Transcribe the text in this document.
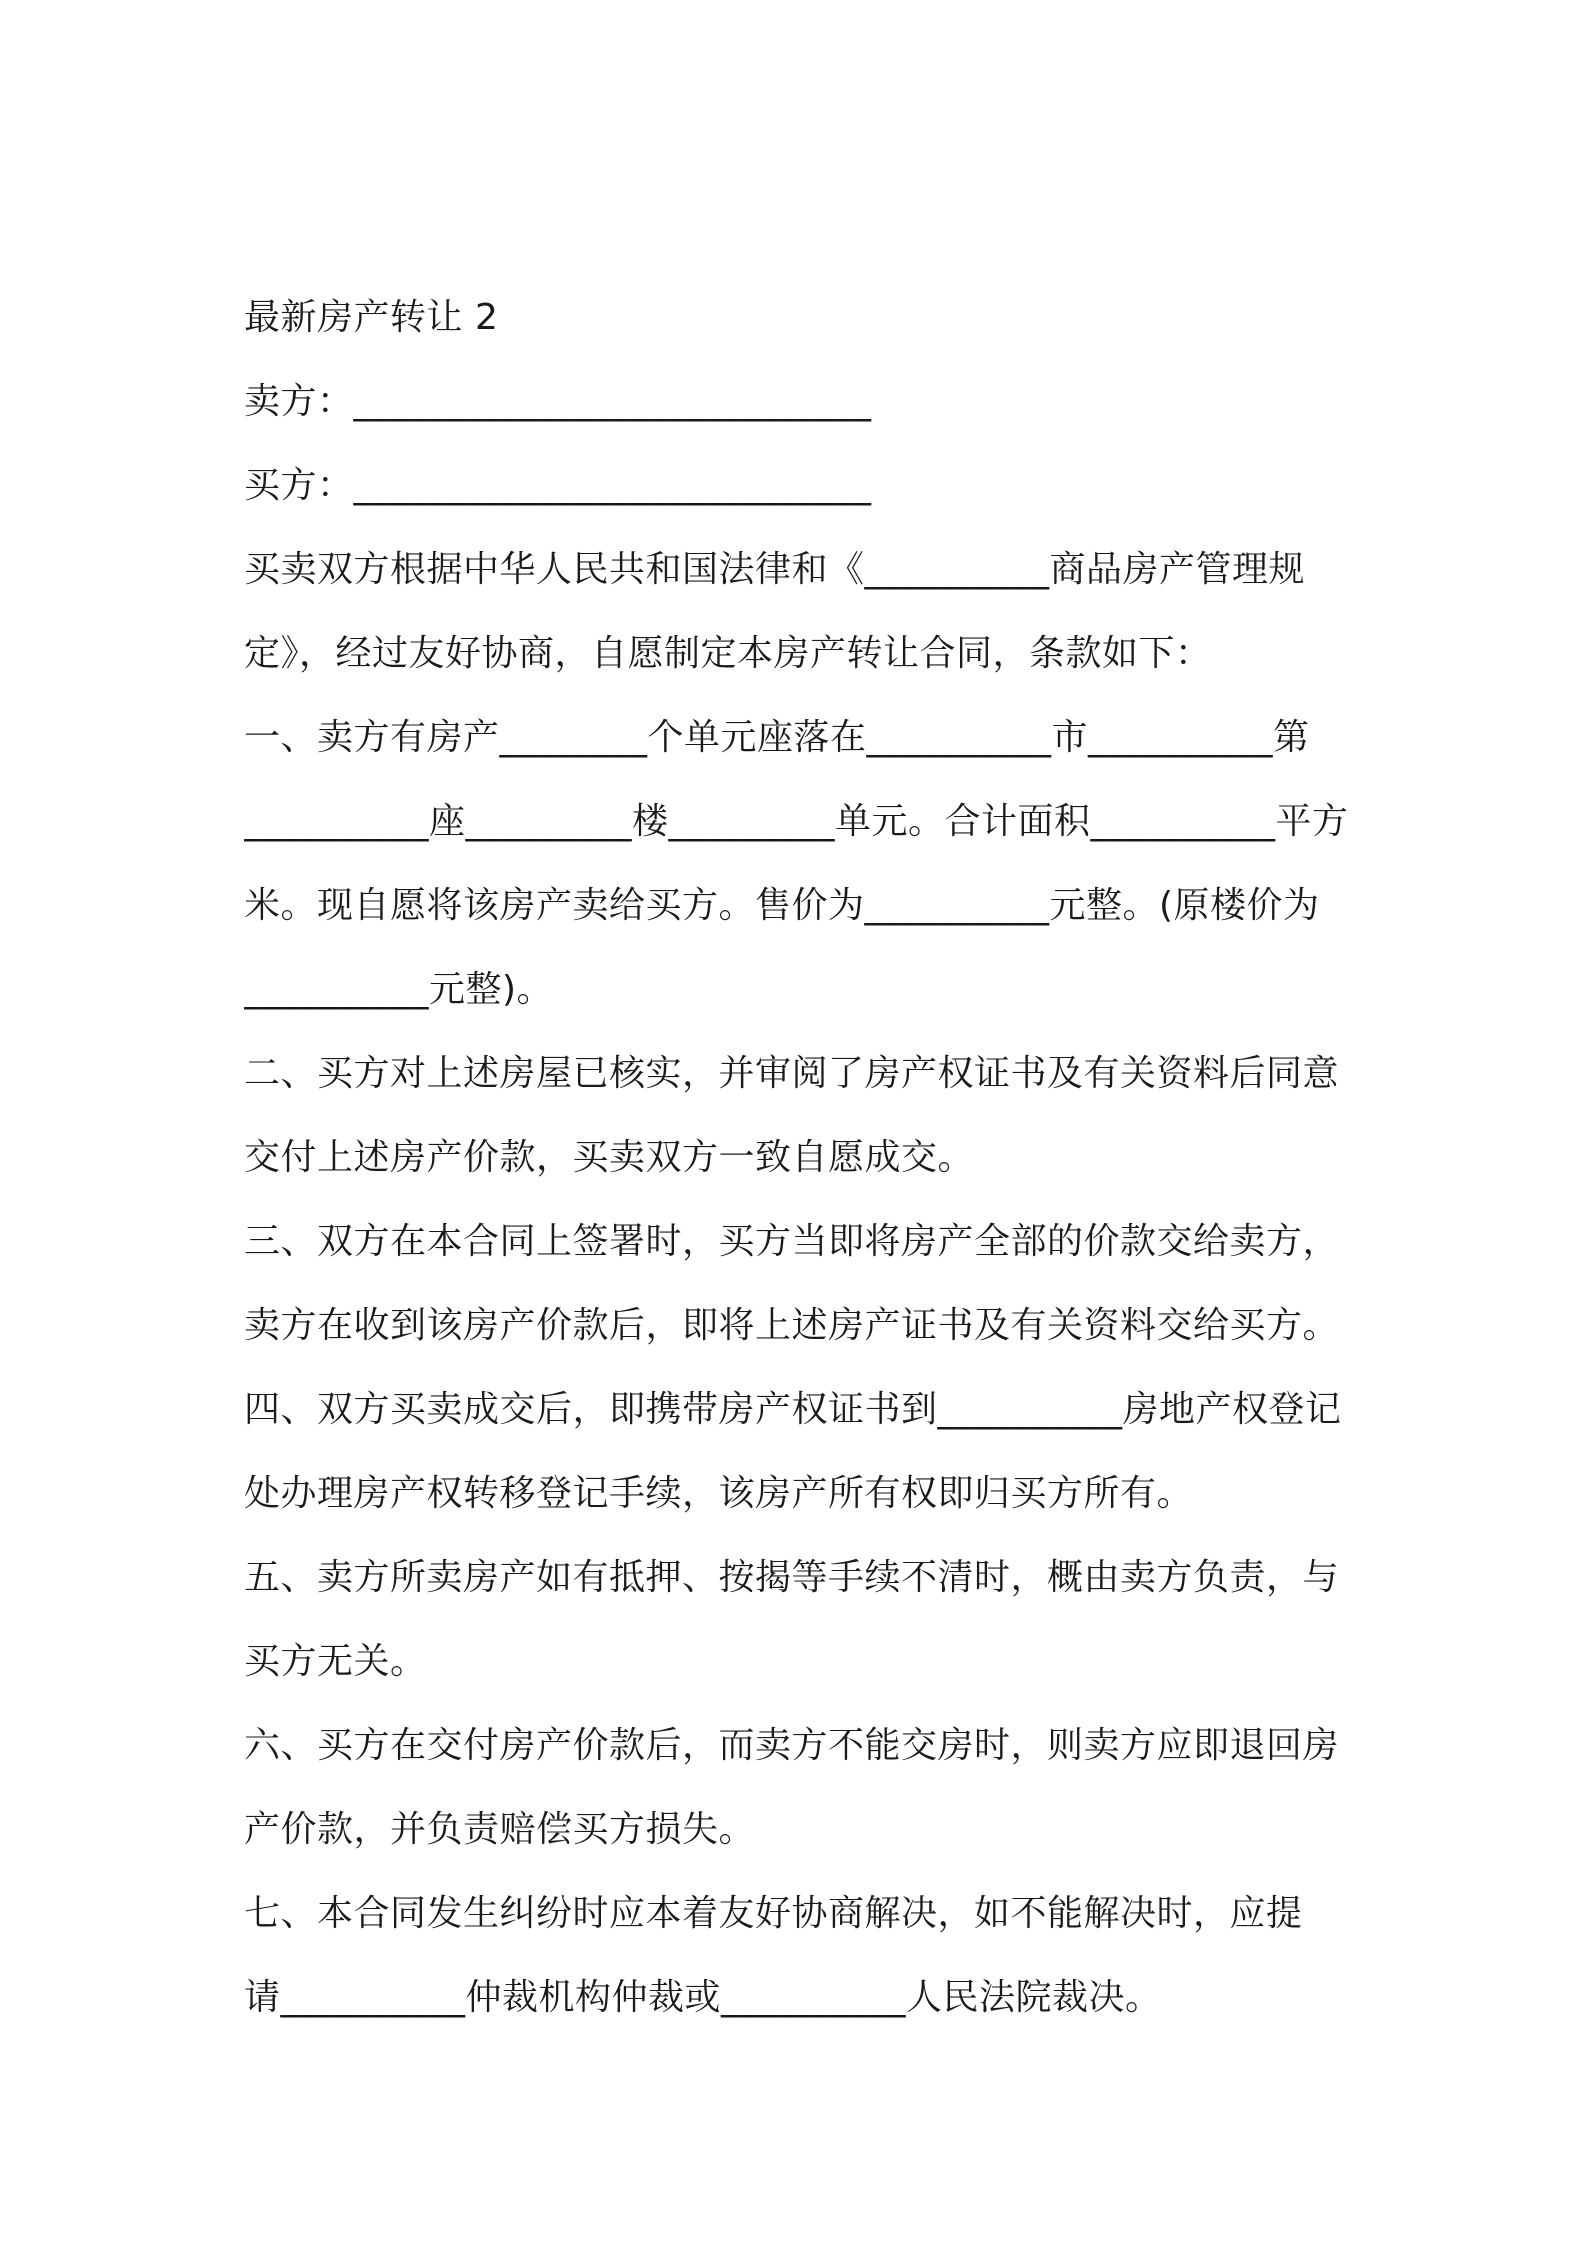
最新房产转让 2
卖方：____________________________
买方：____________________________
买卖双方根据中华人民共和国法律和《__________商品房产管理规
定》，经过友好协商，自愿制定本房产转让合同，条款如下：
一、卖方有房产________个单元座落在__________市__________第
__________座_________楼_________单元。合计面积__________平方
米。现自愿将该房产卖给买方。售价为__________元整。(原楼价为
__________元整)。
二、买方对上述房屋已核实，并审阅了房产权证书及有关资料后同意
交付上述房产价款，买卖双方一致自愿成交。
三、双方在本合同上签署时，买方当即将房产全部的价款交给卖方，
卖方在收到该房产价款后，即将上述房产证书及有关资料交给买方。
四、双方买卖成交后，即携带房产权证书到__________房地产权登记
处办理房产权转移登记手续，该房产所有权即归买方所有。
五、卖方所卖房产如有抵押、按揭等手续不清时，概由卖方负责，与
买方无关。
六、买方在交付房产价款后，而卖方不能交房时，则卖方应即退回房
产价款，并负责赔偿买方损失。
七、本合同发生纠纷时应本着友好协商解决，如不能解决时，应提
请__________仲裁机构仲裁或__________人民法院裁决。
